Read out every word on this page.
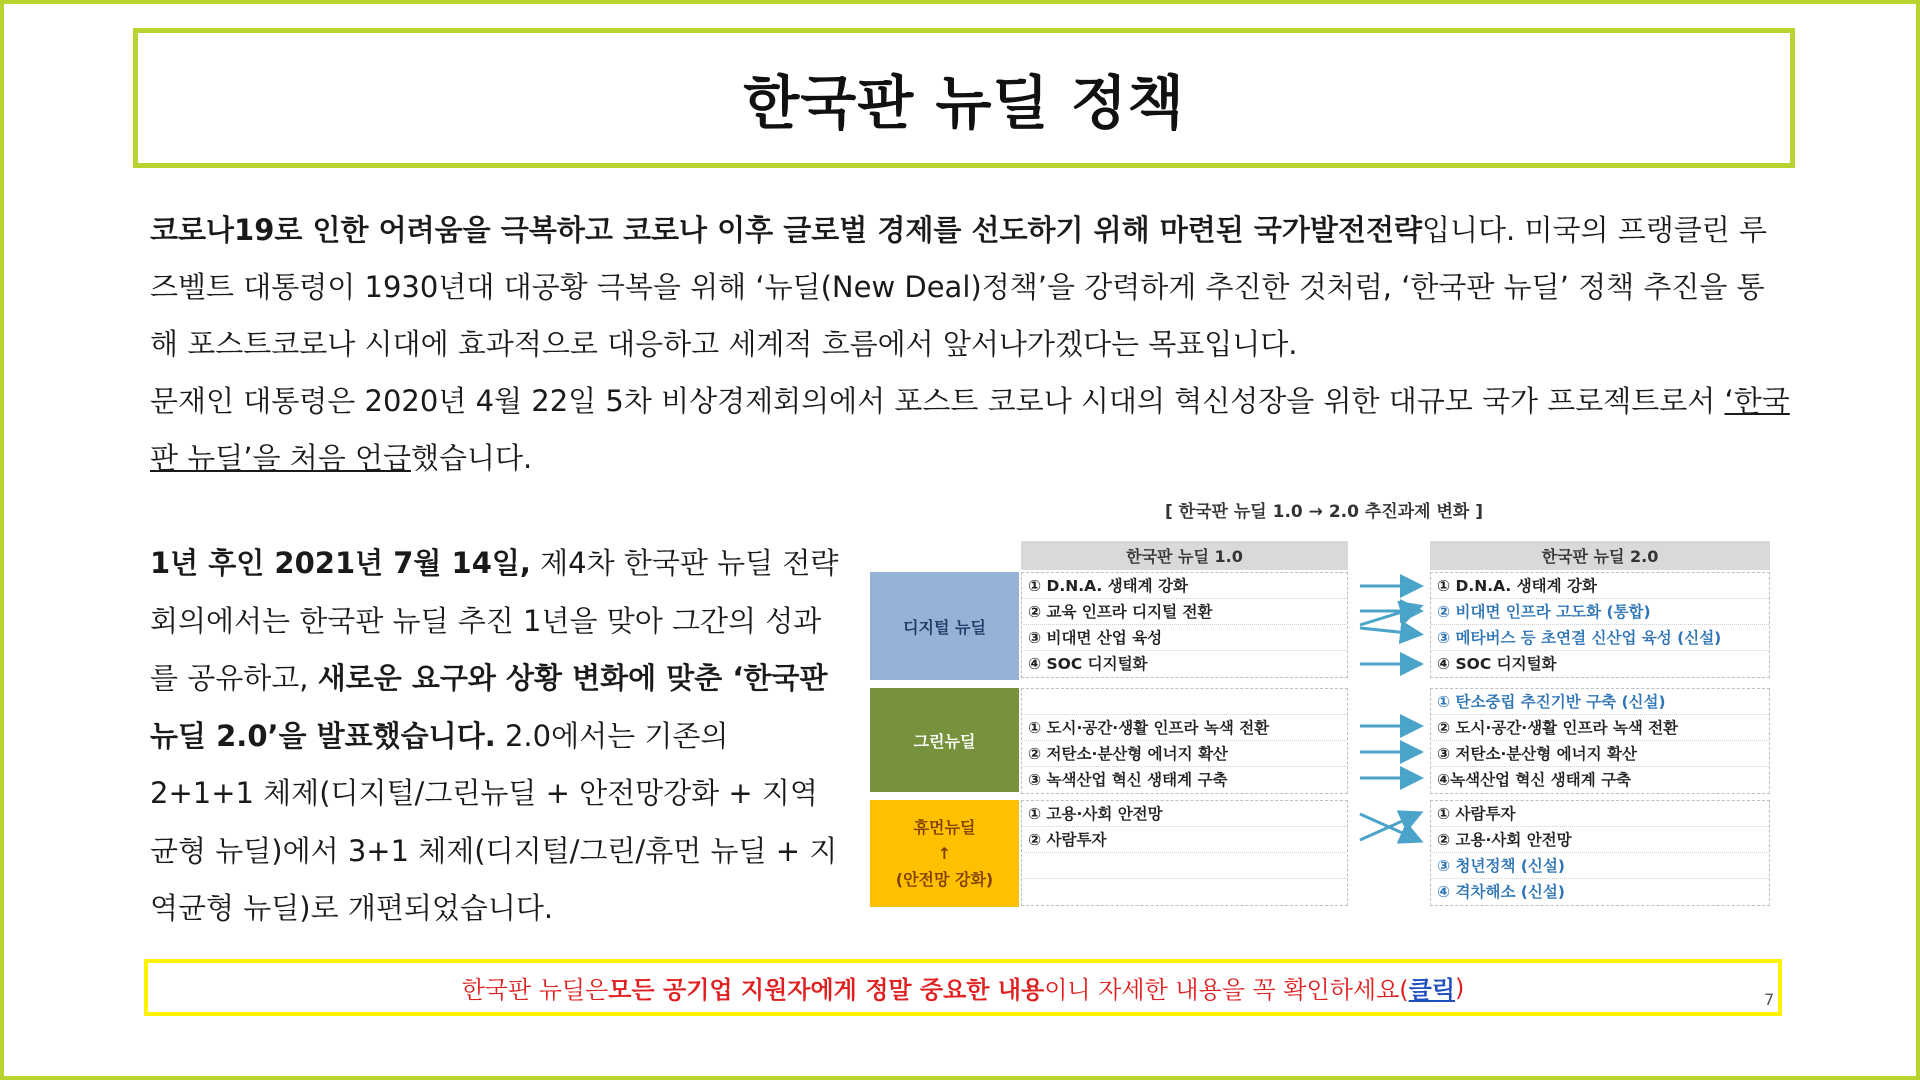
한국판 뉴딜 정책
코로나19로 인한 어려움을 극복하고 코로나 이후 글로벌 경제를 선도하기 위해 마련된 국가발전전략입니다. 미국의 프랭클린 루즈벨트 대통령이 1930년대 대공황 극복을 위해 ‘뉴딜(New Deal)정책’을 강력하게 추진한 것처럼, ‘한국판 뉴딜’ 정책 추진을 통해 포스트코로나 시대에 효과적으로 대응하고 세계적 흐름에서 앞서나가겠다는 목표입니다.
문재인 대통령은 2020년 4월 22일 5차 비상경제회의에서 포스트 코로나 시대의 혁신성장을 위한 대규모 국가 프로젝트로서 ‘한국판 뉴딜’을 처음 언급했습니다.
1년 후인 2021년 7월 14일, 제4차 한국판 뉴딜 전략회의에서는 한국판 뉴딜 추진 1년을 맞아 그간의 성과를 공유하고, 새로운 요구와 상황 변화에 맞춘 ‘한국판 뉴딜 2.0’을 발표했습니다. 2.0에서는 기존의 2+1+1 체제(디지털/그린뉴딜 + 안전망강화 + 지역균형 뉴딜)에서 3+1 체제(디지털/그린/휴먼 뉴딜 + 지역균형 뉴딜)로 개편되었습니다.
[ 한국판 뉴딜 1.0 → 2.0 추진과제 변화 ]
한국판 뉴딜 1.0	한국판 뉴딜 2.0
디지털 뉴딜
그린뉴딜
휴먼뉴딜
↑
(안전망 강화)
① D.N.A. 생태계 강화
② 교육 인프라 디지털 전환
③ 비대면 산업 육성
④ SOC 디지털화
① 도시·공간·생활 인프라 녹색 전환
② 저탄소·분산형 에너지 확산
③ 녹색산업 혁신 생태계 구축
① 고용·사회 안전망
② 사람투자
① D.N.A. 생태계 강화
② 비대면 인프라 고도화 (통합)
③ 메타버스 등 초연결 신산업 육성 (신설)
④ SOC 디지털화
① 탄소중립 추진기반 구축 (신설)
② 도시·공간·생활 인프라 녹색 전환
③ 저탄소·분산형 에너지 확산
④녹색산업 혁신 생태계 구축
① 사람투자
② 고용·사회 안전망
③ 청년정책 (신설)
④ 격차해소 (신설)
한국판 뉴딜은 모든 공기업 지원자에게 정말 중요한 내용 이니 자세한 내용을 꼭 확인하세요( 클릭 )	7
